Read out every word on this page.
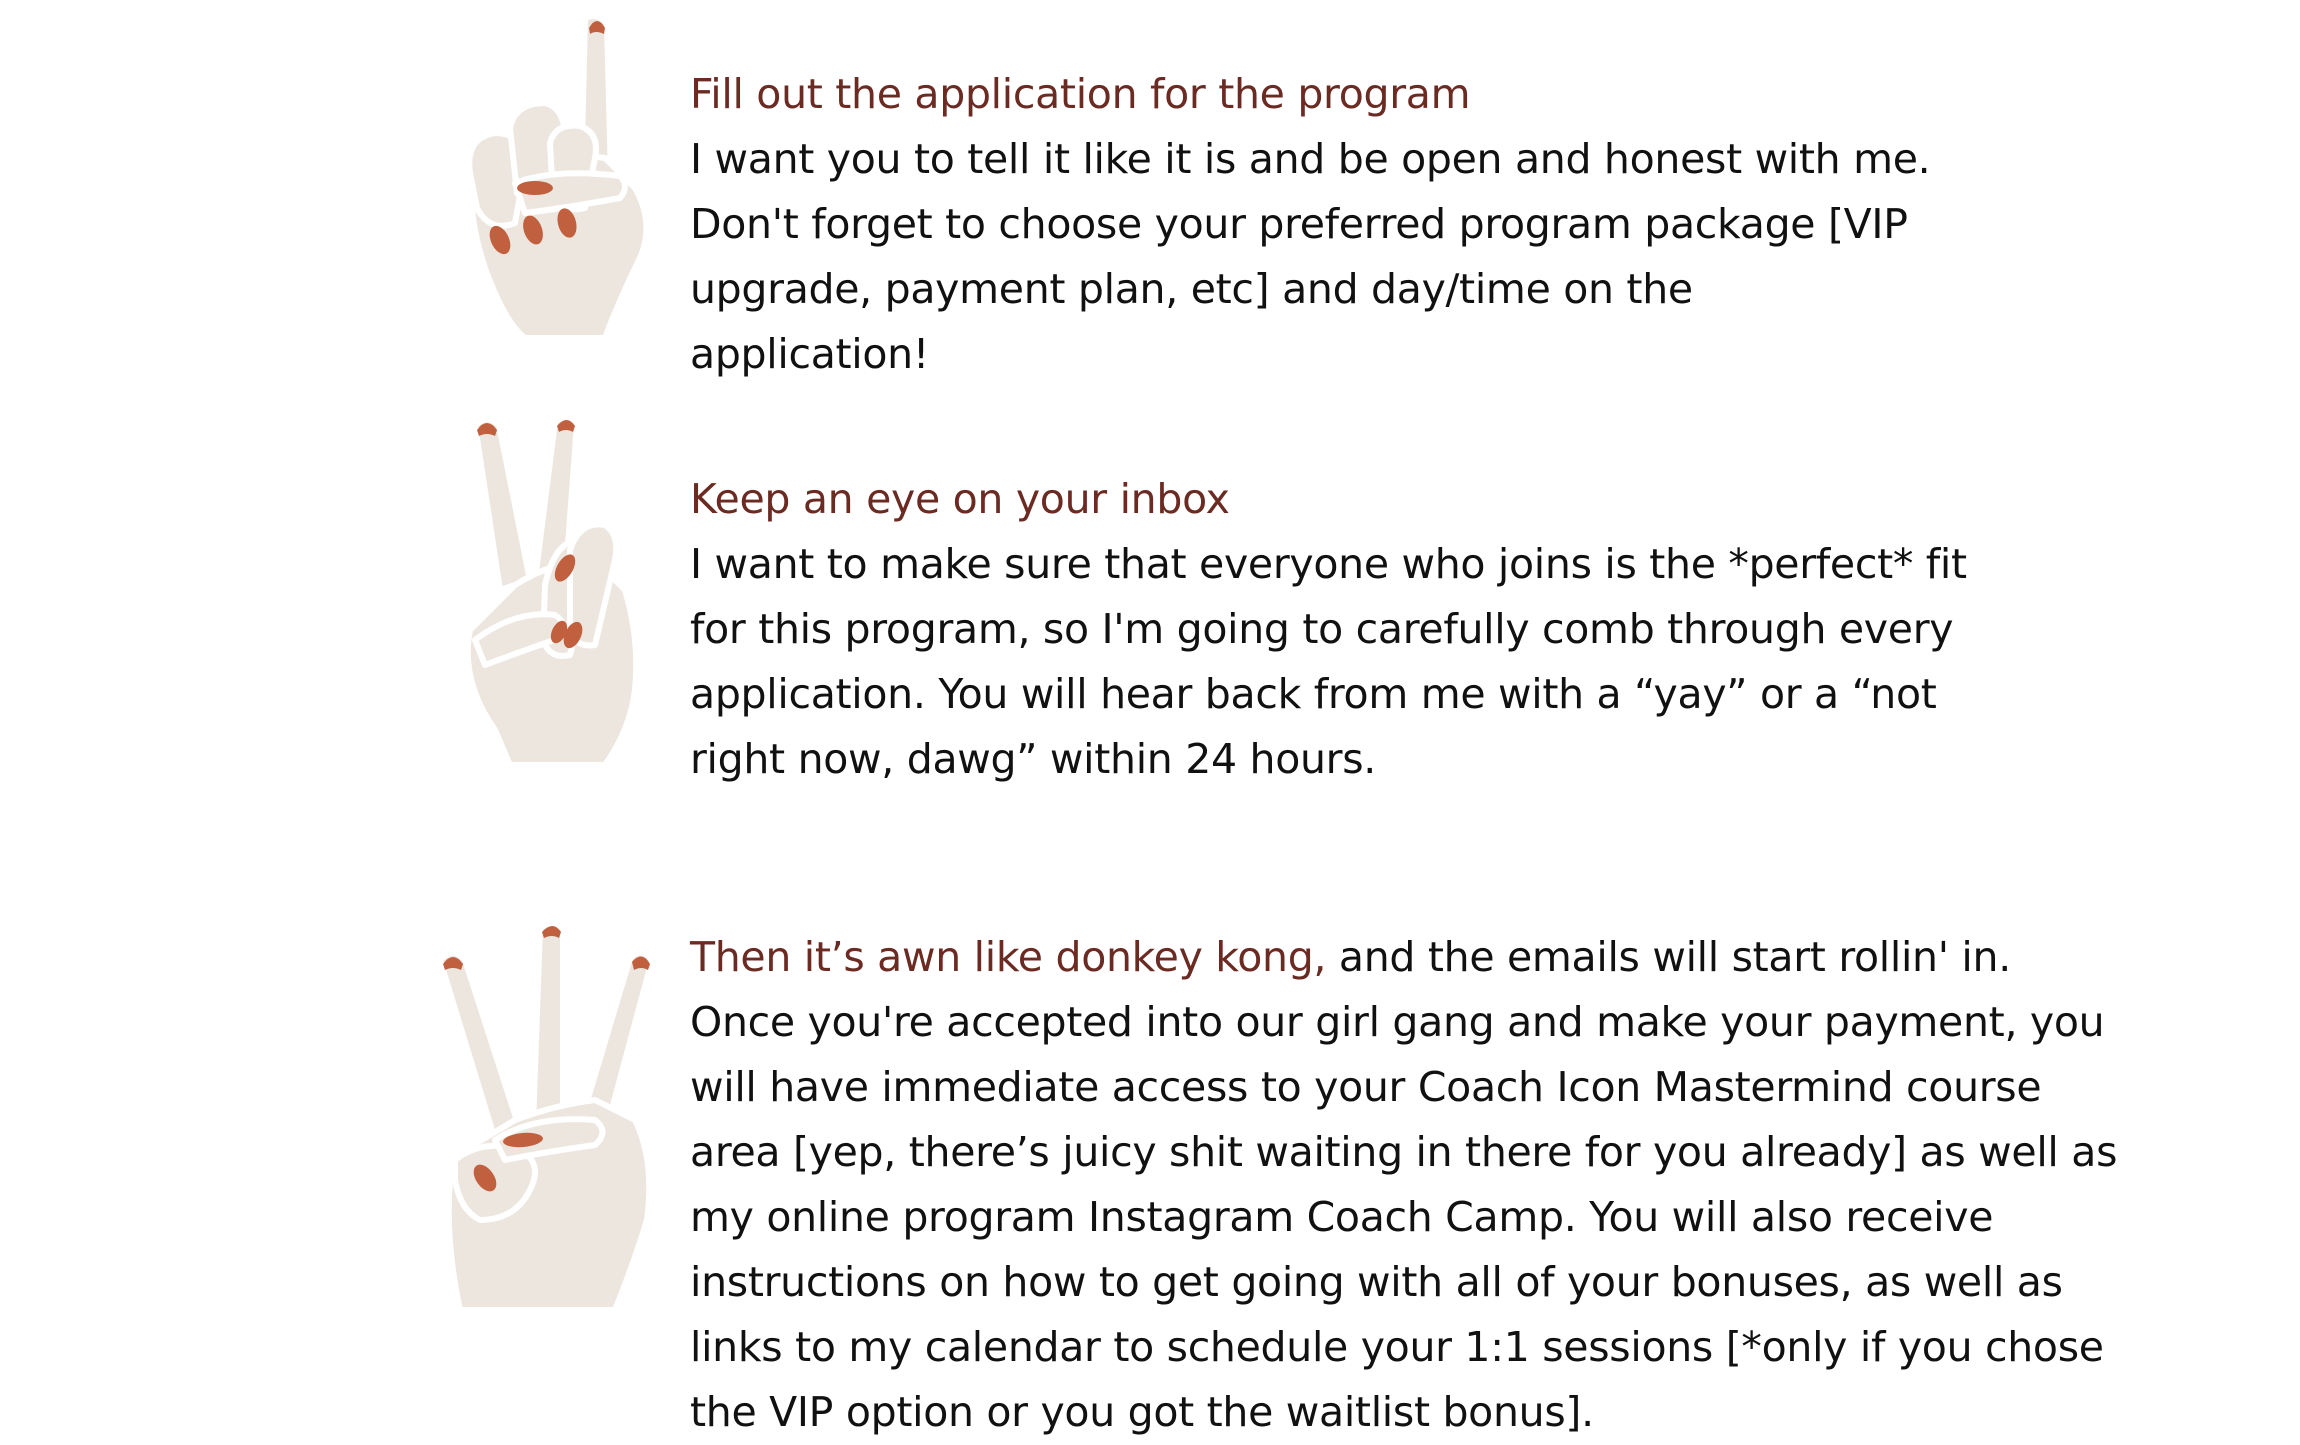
Fill out the application for the program
I want you to tell it like it is and be open and honest with me.
Don't forget to choose your preferred program package [VIP
upgrade, payment plan, etc] and day/time on the
application!
Keep an eye on your inbox
I want to make sure that everyone who joins is the *perfect* fit
for this program, so I'm going to carefully comb through every
application. You will hear back from me with a “yay” or a “not
right now, dawg” within 24 hours.
Then it’s awn like donkey kong, and the emails will start rollin' in.
Once you're accepted into our girl gang and make your payment, you
will have immediate access to your Coach Icon Mastermind course
area [yep, there’s juicy shit waiting in there for you already] as well as
my online program Instagram Coach Camp. You will also receive
instructions on how to get going with all of your bonuses, as well as
links to my calendar to schedule your 1:1 sessions [*only if you chose
the VIP option or you got the waitlist bonus].
